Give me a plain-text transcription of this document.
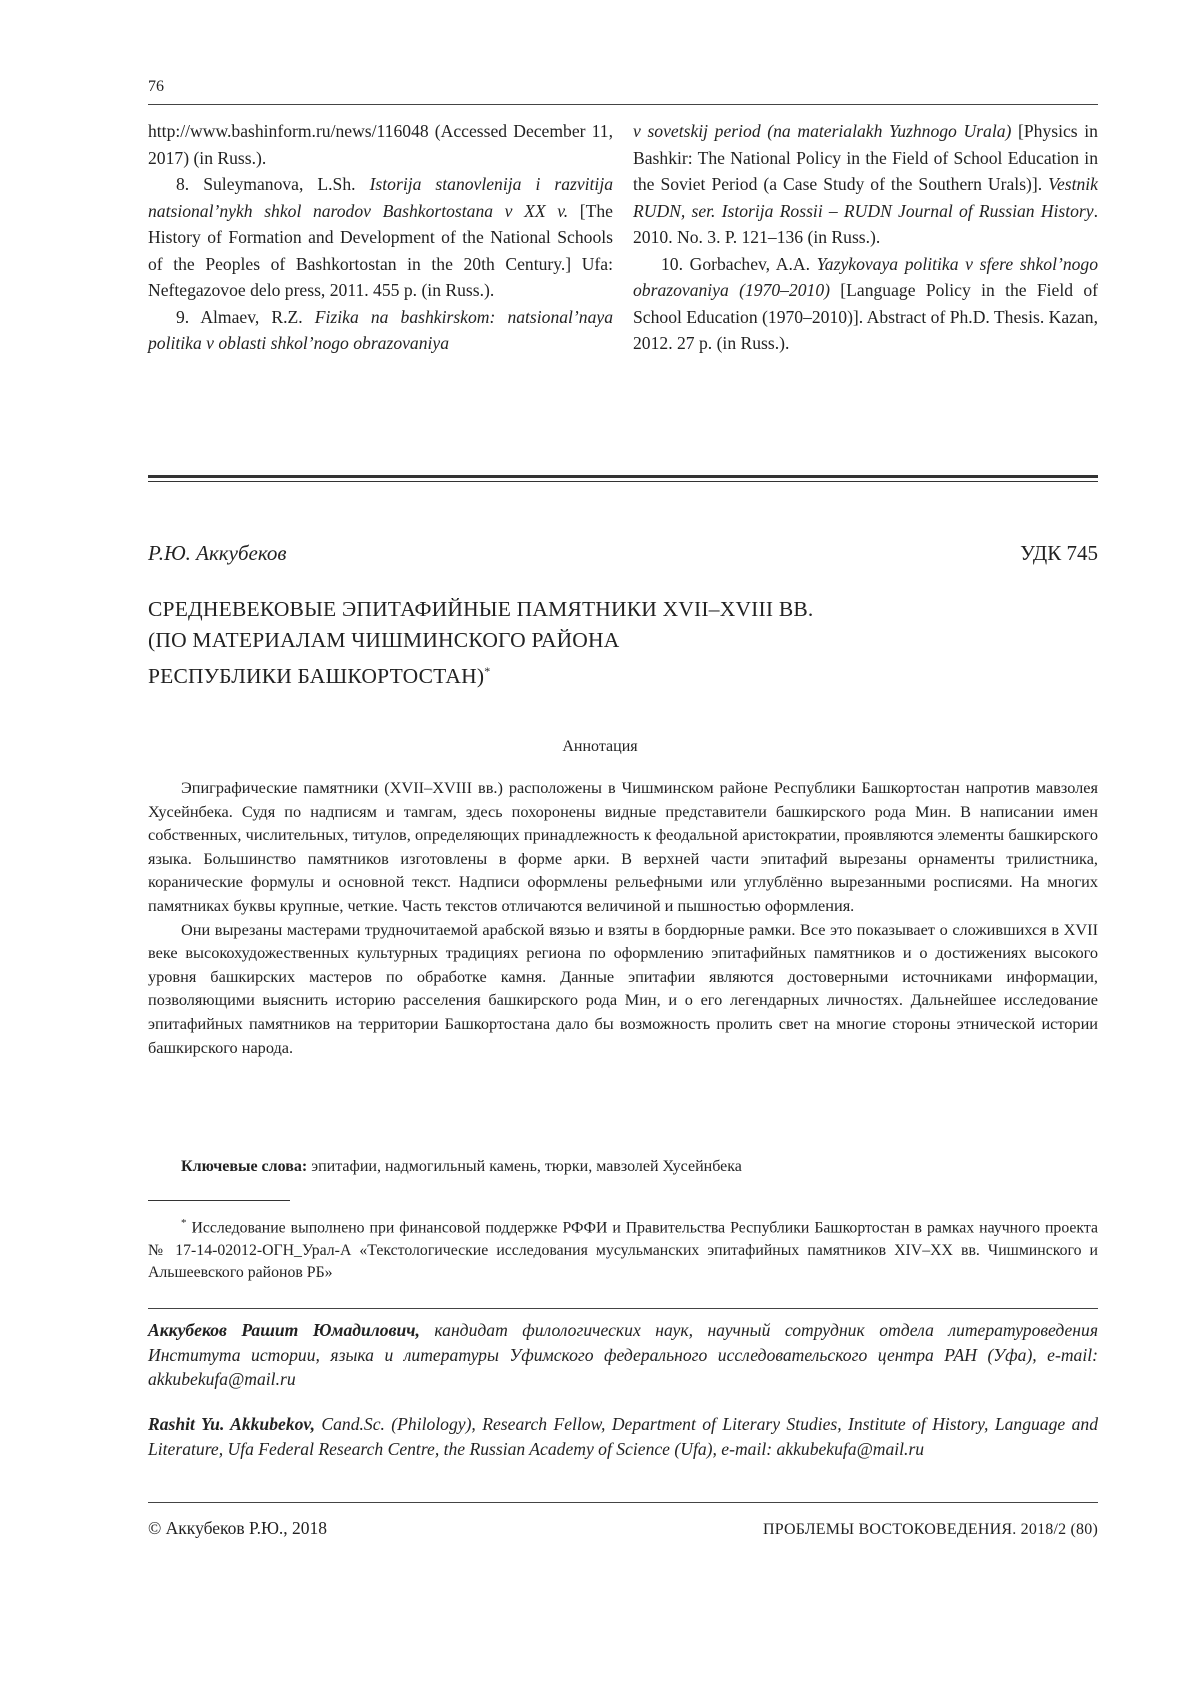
76

http://www.bashinform.ru/news/116048 (Accessed December 11, 2017) (in Russ.).

8. Suleymanova, L.Sh. Istorija stanovlenija i razvitija natsional’nykh shkol narodov Bashkortostana v XX v. [The History of Formation and Development of the National Schools of the Peoples of Bashkortostan in the 20th Century.] Ufa: Neftegazovoe delo press, 2011. 455 p. (in Russ.).

9. Almaev, R.Z. Fizika na bashkirskom: natsional’naya politika v oblasti shkol’nogo obrazovaniya

v sovetskij period (na materialakh Yuzhnogo Urala) [Physics in Bashkir: The National Policy in the Field of School Education in the Soviet Period (a Case Study of the Southern Urals)]. Vestnik RUDN, ser. Istorija Rossii – RUDN Journal of Russian History. 2010. No. 3. P. 121–136 (in Russ.).

10. Gorbachev, A.A. Yazykovaya politika v sfere shkol’nogo obrazovaniya (1970–2010) [Language Policy in the Field of School Education (1970–2010)]. Abstract of Ph.D. Thesis. Kazan, 2012. 27 p. (in Russ.).

Р.Ю. Аккубеков	УДК 745
СРЕДНЕВЕКОВЫЕ ЭПИТАФИЙНЫЕ ПАМЯТНИКИ XVII–XVIII ВВ.
(ПО МАТЕРИАЛАМ ЧИШМИНСКОГО РАЙОНА
РЕСПУБЛИКИ БАШКОРТОСТАН)*
Аннотация

Эпиграфические памятники (XVII–XVIII вв.) расположены в Чишминском районе Республики Башкортостан напротив мавзолея Хусейнбека. Судя по надписям и тамгам, здесь похоронены видные представители башкирского рода Мин. В написании имен собственных, числительных, титулов, определяющих принадлежность к феодальной аристократии, проявляются элементы башкирского языка. Большинство памятников изготовлены в форме арки. В верхней части эпитафий вырезаны орнаменты трилистника, коранические формулы и основной текст. Надписи оформлены рельефными или углублённо вырезанными росписями. На многих памятниках буквы крупные, четкие. Часть текстов отличаются величиной и пышностью оформления.

Они вырезаны мастерами трудночитаемой арабской вязью и взяты в бордюрные рамки. Все это показывает о сложившихся в XVII веке высокохудожественных культурных традициях региона по оформлению эпитафийных памятников и о достижениях высокого уровня башкирских мастеров по обработке камня. Данные эпитафии являются достоверными источниками информации, позволяющими выяснить историю расселения башкирского рода Мин, и о его легендарных личностях. Дальнейшее исследование эпитафийных памятников на территории Башкортостана дало бы возможность пролить свет на многие стороны этнической истории башкирского народа.

Ключевые слова: эпитафии, надмогильный камень, тюрки, мавзолей Хусейнбека

* Исследование выполнено при финансовой поддержке РФФИ и Правительства Республики Башкортостан в рамках научного проекта № 17-14-02012-ОГН_Урал-А «Текстологические исследования мусульманских эпитафийных памятников XIV–XX вв. Чишминского и Альшеевского районов РБ»

Аккубеков Рашит Юмадилович, кандидат филологических наук, научный сотрудник отдела литературоведения Института истории, языка и литературы Уфимского федерального исследовательского центра РАН (Уфа), e-mail: akkubekufa@mail.ru
Rashit Yu. Akkubekov, Cand.Sc. (Philology), Research Fellow, Department of Literary Studies, Institute of History, Language and Literature, Ufa Federal Research Centre, the Russian Academy of Science (Ufa), e-mail: akkubekufa@mail.ru
© Аккубеков Р.Ю., 2018	ПРОБЛЕМЫ ВОСТОКОВЕДЕНИЯ. 2018/2 (80)
